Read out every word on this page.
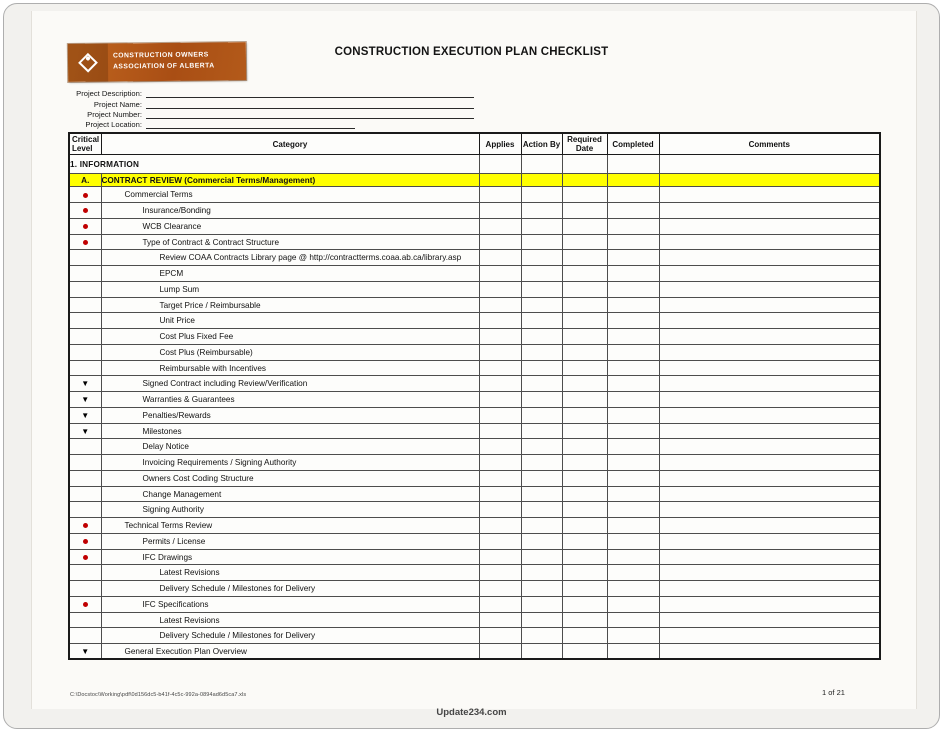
CONSTRUCTION OWNERS
ASSOCIATION OF ALBERTA
CONSTRUCTION EXECUTION PLAN CHECKLIST
Project Description:
Project Name:
Project Number:
Project Location:
Critical Level	Category	Applies	Action By	Required Date	Completed	Comments
1. INFORMATION						
A.	CONTRACT REVIEW (Commercial Terms/Management)					
	Commercial Terms					
	Insurance/Bonding					
	WCB Clearance					
	Type of Contract & Contract Structure					
	Review COAA Contracts Library page @ http://contractterms.coaa.ab.ca/library.asp					
	EPCM					
	Lump Sum					
	Target Price / Reimbursable					
	Unit Price					
	Cost Plus Fixed Fee					
	Cost Plus (Reimbursable)					
	Reimbursable with Incentives					
▼	Signed Contract including Review/Verification					
▼	Warranties & Guarantees					
▼	Penalties/Rewards					
▼	Milestones					
	Delay Notice					
	Invoicing Requirements / Signing Authority					
	Owners Cost Coding Structure					
	Change Management					
	Signing Authority					
	Technical Terms Review					
	Permits / License					
	IFC Drawings					
	Latest Revisions					
	Delivery Schedule / Milestones for Delivery					
	IFC Specifications					
	Latest Revisions					
	Delivery Schedule / Milestones for Delivery					
▼	General Execution Plan Overview					
C:\Docstoc\Working\pdf\0d156dc5-b41f-4c5c-992a-0894ad6d5ca7.xls	1 of 21
Update234.com
